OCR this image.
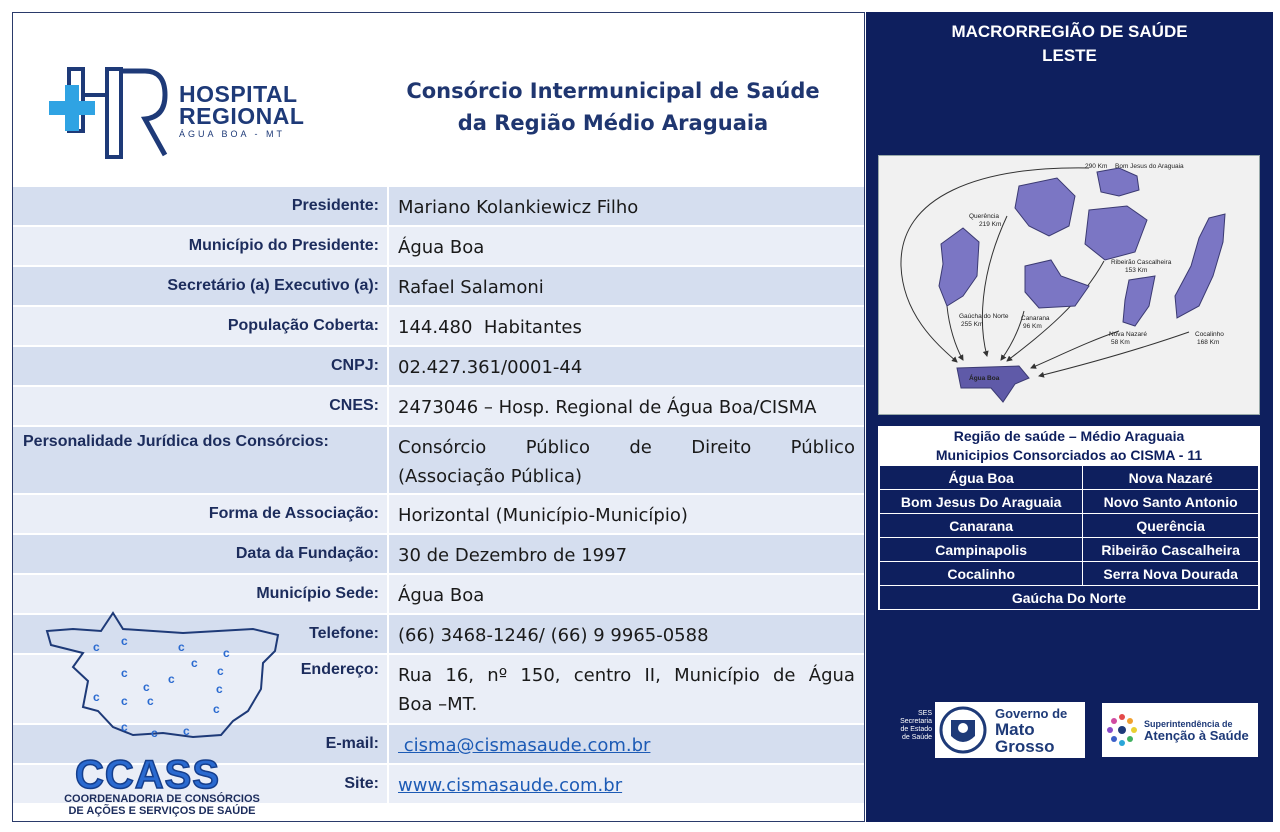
HOSPITAL
REGIONAL
ÁGUA BOA - MT
Consórcio Intermunicipal de Saúde
da Região Médio Araguaia
Presidente:	Mariano Kolankiewicz Filho
Município do Presidente:	Água Boa
Secretário (a) Executivo (a):	Rafael Salamoni
População Coberta:	144.480  Habitantes
CNPJ:	02.427.361/0001-44
CNES:	2473046 – Hosp. Regional de Água Boa/CISMA
Personalidade Jurídica dos Consórcios:	Consórcio Público de Direito Público
(Associação Pública)
Forma de Associação:	Horizontal (Município-Município)
Data da Fundação:	30 de Dezembro de 1997
Município Sede:	Água Boa
Telefone:	(66) 3468-1246/ (66) 9 9965-0588
Endereço:	Rua 16, nº 150, centro II, Município de Água
Boa –MT.
E-mail:	cisma@cismasaude.com.br
Site:	www.cismasaude.com.br
c c	c	c
c
c
c	c
c	c
c c c
c
c c c
CCASS
COORDENADORIA DE CONSÓRCIOS
DE AÇÕES E SERVIÇOS DE SAÚDE
MACRORREGIÃO DE SAÚDE
LESTE
290 Km Bom Jesus do Araguaia
Querência
219 Km
Ribeirão Cascalheira
153 Km
Gaúcha do Norte
255 Km
Canarana
96 Km
Nova Nazaré
58 Km
Cocalinho
168 Km
Água Boa
Região de saúde – Médio Araguaia
Municipios Consorciados ao CISMA - 11
Água Boa	Nova Nazaré
Bom Jesus Do Araguaia	Novo Santo Antonio
Canarana	Querência
Campinapolis	Ribeirão Cascalheira
Cocalinho	Serra Nova Dourada
Gaúcha Do Norte	
SES
Secretaria
de Estado
de Saúde
Governo de
Mato
Grosso
Superintendência de
Atenção à Saúde
